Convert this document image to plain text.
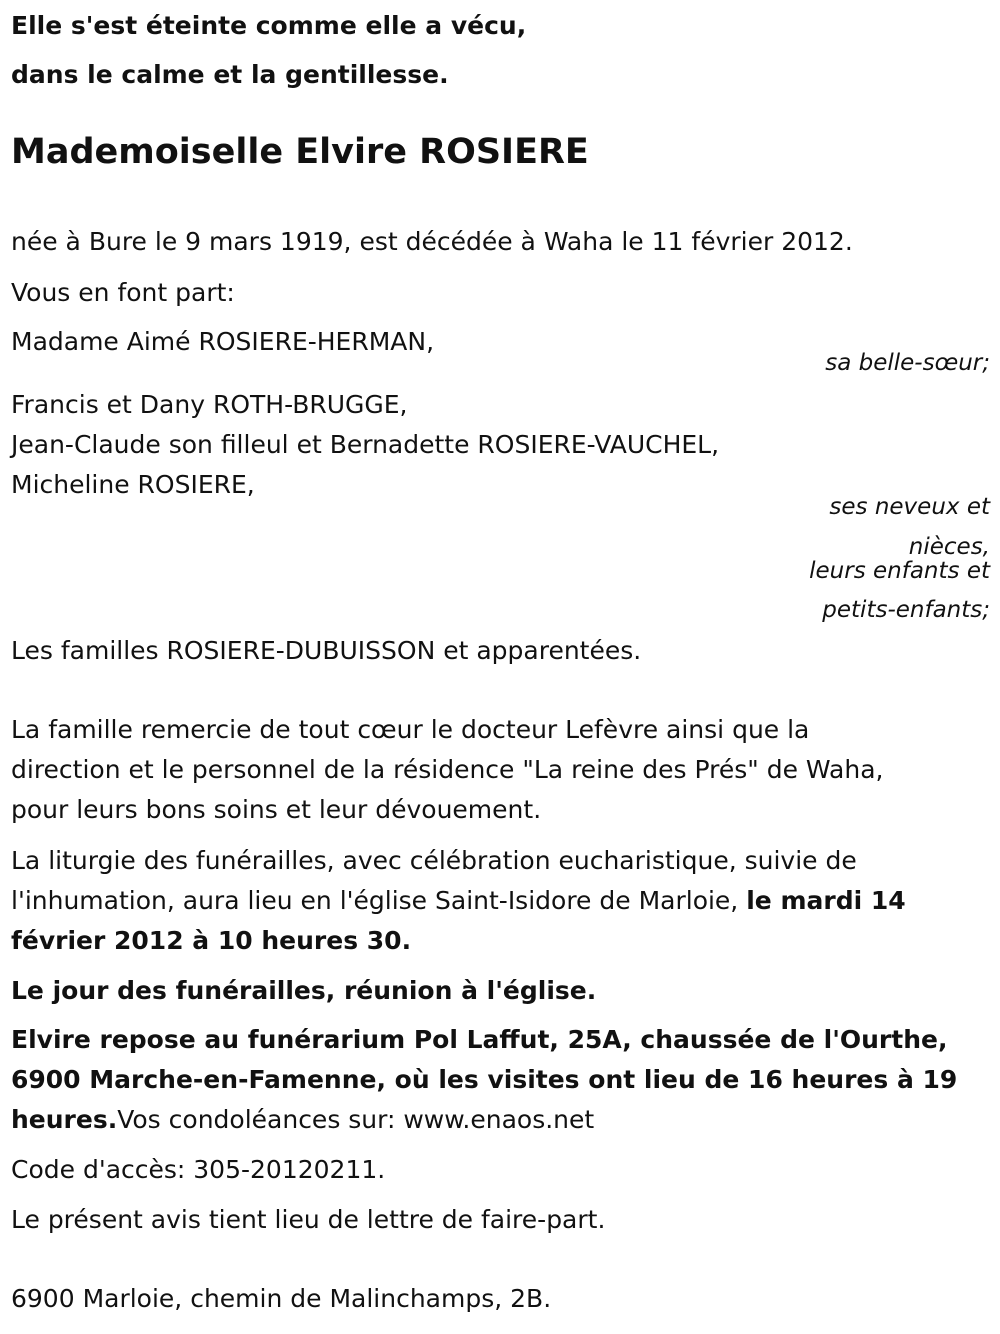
Elle s'est éteinte comme elle a vécu,
dans le calme et la gentillesse.
Mademoiselle Elvire ROSIERE
née à Bure le 9 mars 1919, est décédée à Waha le 11 février 2012.
Vous en font part:
Madame Aimé ROSIERE-HERMAN,
sa belle-sœur;
Francis et Dany ROTH-BRUGGE,
Jean-Claude son filleul et Bernadette ROSIERE-VAUCHEL,
Micheline ROSIERE,
ses neveux et
nièces,
leurs enfants et
petits-enfants;
Les familles ROSIERE-DUBUISSON et apparentées.
La famille remercie de tout cœur le docteur Lefèvre ainsi que la
direction et le personnel de la résidence "La reine des Prés" de Waha,
pour leurs bons soins et leur dévouement.
La liturgie des funérailles, avec célébration eucharistique, suivie de
l'inhumation, aura lieu en l'église Saint-Isidore de Marloie, le mardi 14
février 2012 à 10 heures 30.
Le jour des funérailles, réunion à l'église.
Elvire repose au funérarium Pol Laffut, 25A, chaussée de l'Ourthe,
6900 Marche-en-Famenne, où les visites ont lieu de 16 heures à 19
heures.Vos condoléances sur: www.enaos.net
Code d'accès: 305-20120211.
Le présent avis tient lieu de lettre de faire-part.
6900 Marloie, chemin de Malinchamps, 2B.
